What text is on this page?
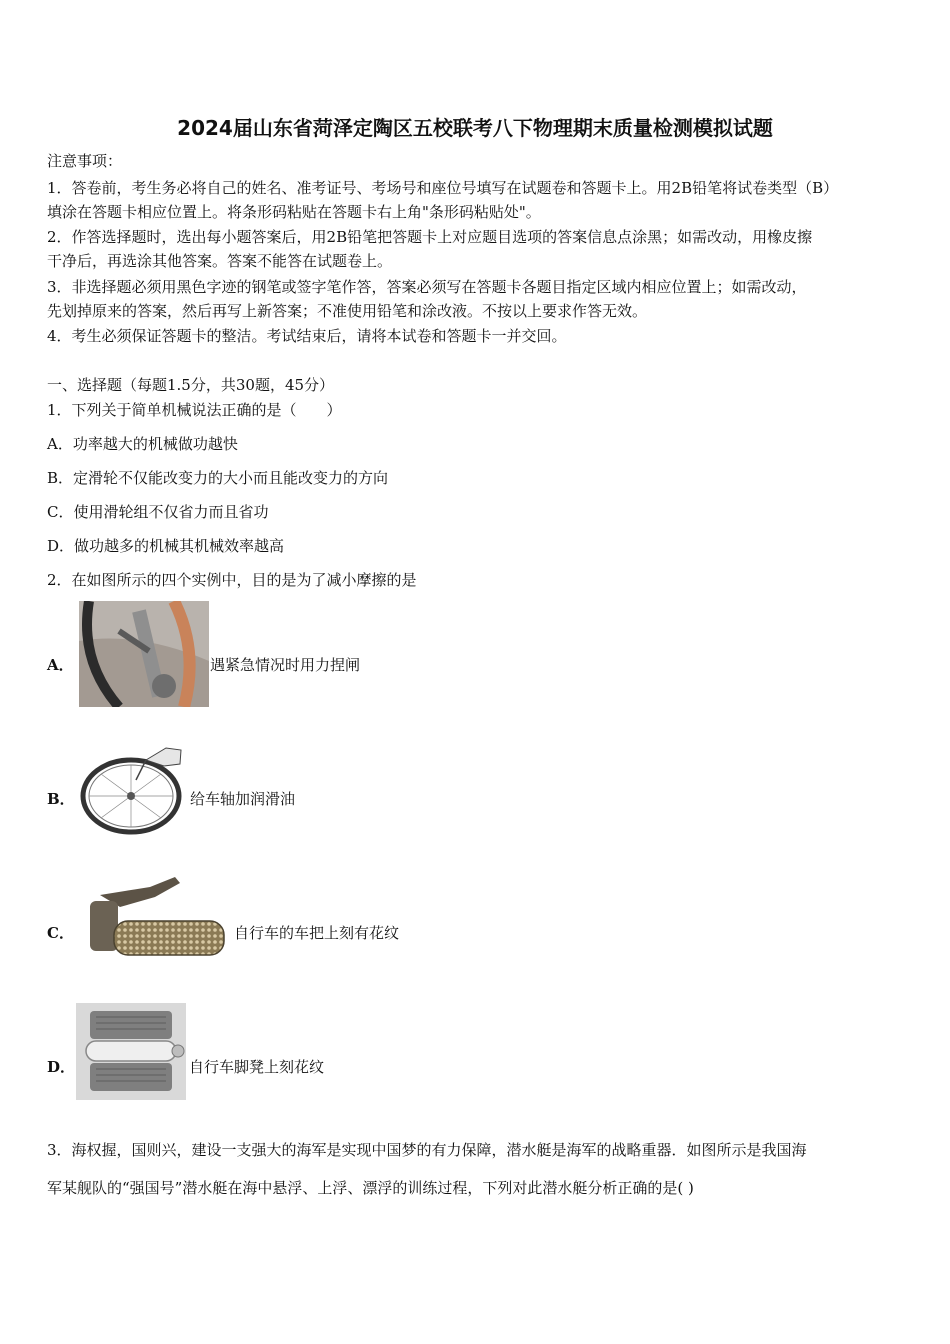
2024届山东省菏泽定陶区五校联考八下物理期末质量检测模拟试题
注意事项：
1．答卷前，考生务必将自己的姓名、准考证号、考场号和座位号填写在试题卷和答题卡上。用2B铅笔将试卷类型（B）
填涂在答题卡相应位置上。将条形码粘贴在答题卡右上角"条形码粘贴处"。
2．作答选择题时，选出每小题答案后，用2B铅笔把答题卡上对应题目选项的答案信息点涂黑；如需改动，用橡皮擦
干净后，再选涂其他答案。答案不能答在试题卷上。
3．非选择题必须用黑色字迹的钢笔或签字笔作答，答案必须写在答题卡各题目指定区域内相应位置上；如需改动，
先划掉原来的答案，然后再写上新答案；不准使用铅笔和涂改液。不按以上要求作答无效。
4．考生必须保证答题卡的整洁。考试结束后，请将本试卷和答题卡一并交回。
一、选择题（每题1.5分，共30题，45分）
1．下列关于简单机械说法正确的是（　　）
A．功率越大的机械做功越快
B．定滑轮不仅能改变力的大小而且能改变力的方向
C．使用滑轮组不仅省力而且省功
D．做功越多的机械其机械效率越高
2．在如图所示的四个实例中，目的是为了减小摩擦的是
A．	遇紧急情况时用力捏闸
B．	给车轴加润滑油
C．	自行车的车把上刻有花纹
D．	自行车脚凳上刻花纹
3．海权握，国则兴，建设一支强大的海军是实现中国梦的有力保障，潜水艇是海军的战略重器．如图所示是我国海
军某舰队的“强国号”潜水艇在海中悬浮、上浮、漂浮的训练过程，下列对此潜水艇分析正确的是( )
